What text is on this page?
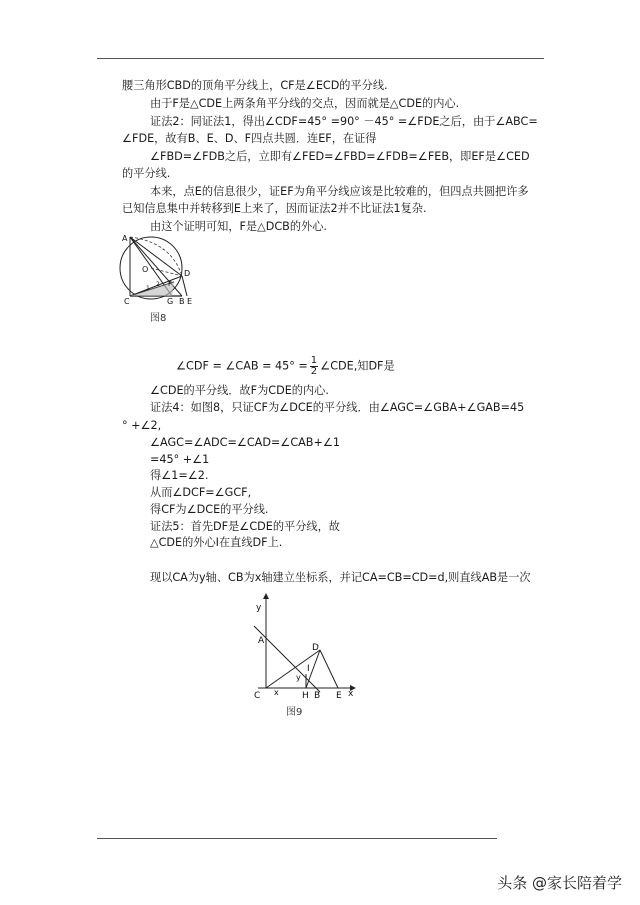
腰三角形CBD的顶角平分线上，CF是∠ECD的平分线.
由于F是△CDE上两条角平分线的交点，因而就是△CDE的内心.
证法2：同证法1，得出∠CDF=45° =90° －45° =∠FDE之后，由于∠ABC=
∠FDE，故有B、E、D、F四点共圆．连EF，在证得
∠FBD=∠FDB之后，立即有∠FED=∠FBD=∠FDB=∠FEB，即EF是∠CED
的平分线.
本来，点E的信息很少，证EF为角平分线应该是比较难的，但四点共圆把许多
已知信息集中并转移到E上来了，因而证法2并不比证法1复杂.
由这个证明可知，F是△DCB的外心.
A
O	D
F
1
2
C	G B E
图8
∠CDF = ∠CAB = $45^\circ = \frac{1}{2}$ ∠CDE,知DF是
∠CDE的平分线．故F为CDE的内心.
证法4：如图8，只证CF为∠DCE的平分线．由∠AGC=∠GBA+∠GAB=45
° +∠2,
∠AGC=∠ADC=∠CAD=∠CAB+∠1
=45° +∠1
得∠1=∠2.
从而∠DCF=∠GCF,
得CF为∠DCE的平分线.
证法5：首先DF是∠CDE的平分线，故
△CDE的外心I在直线DF上.
现以CA为y轴、CB为x轴建立坐标系，并记CA=CB=CD=d,则直线AB是一次
y
A
D
I
y
C x	H B E x
图9
头条 @家长陪着学
